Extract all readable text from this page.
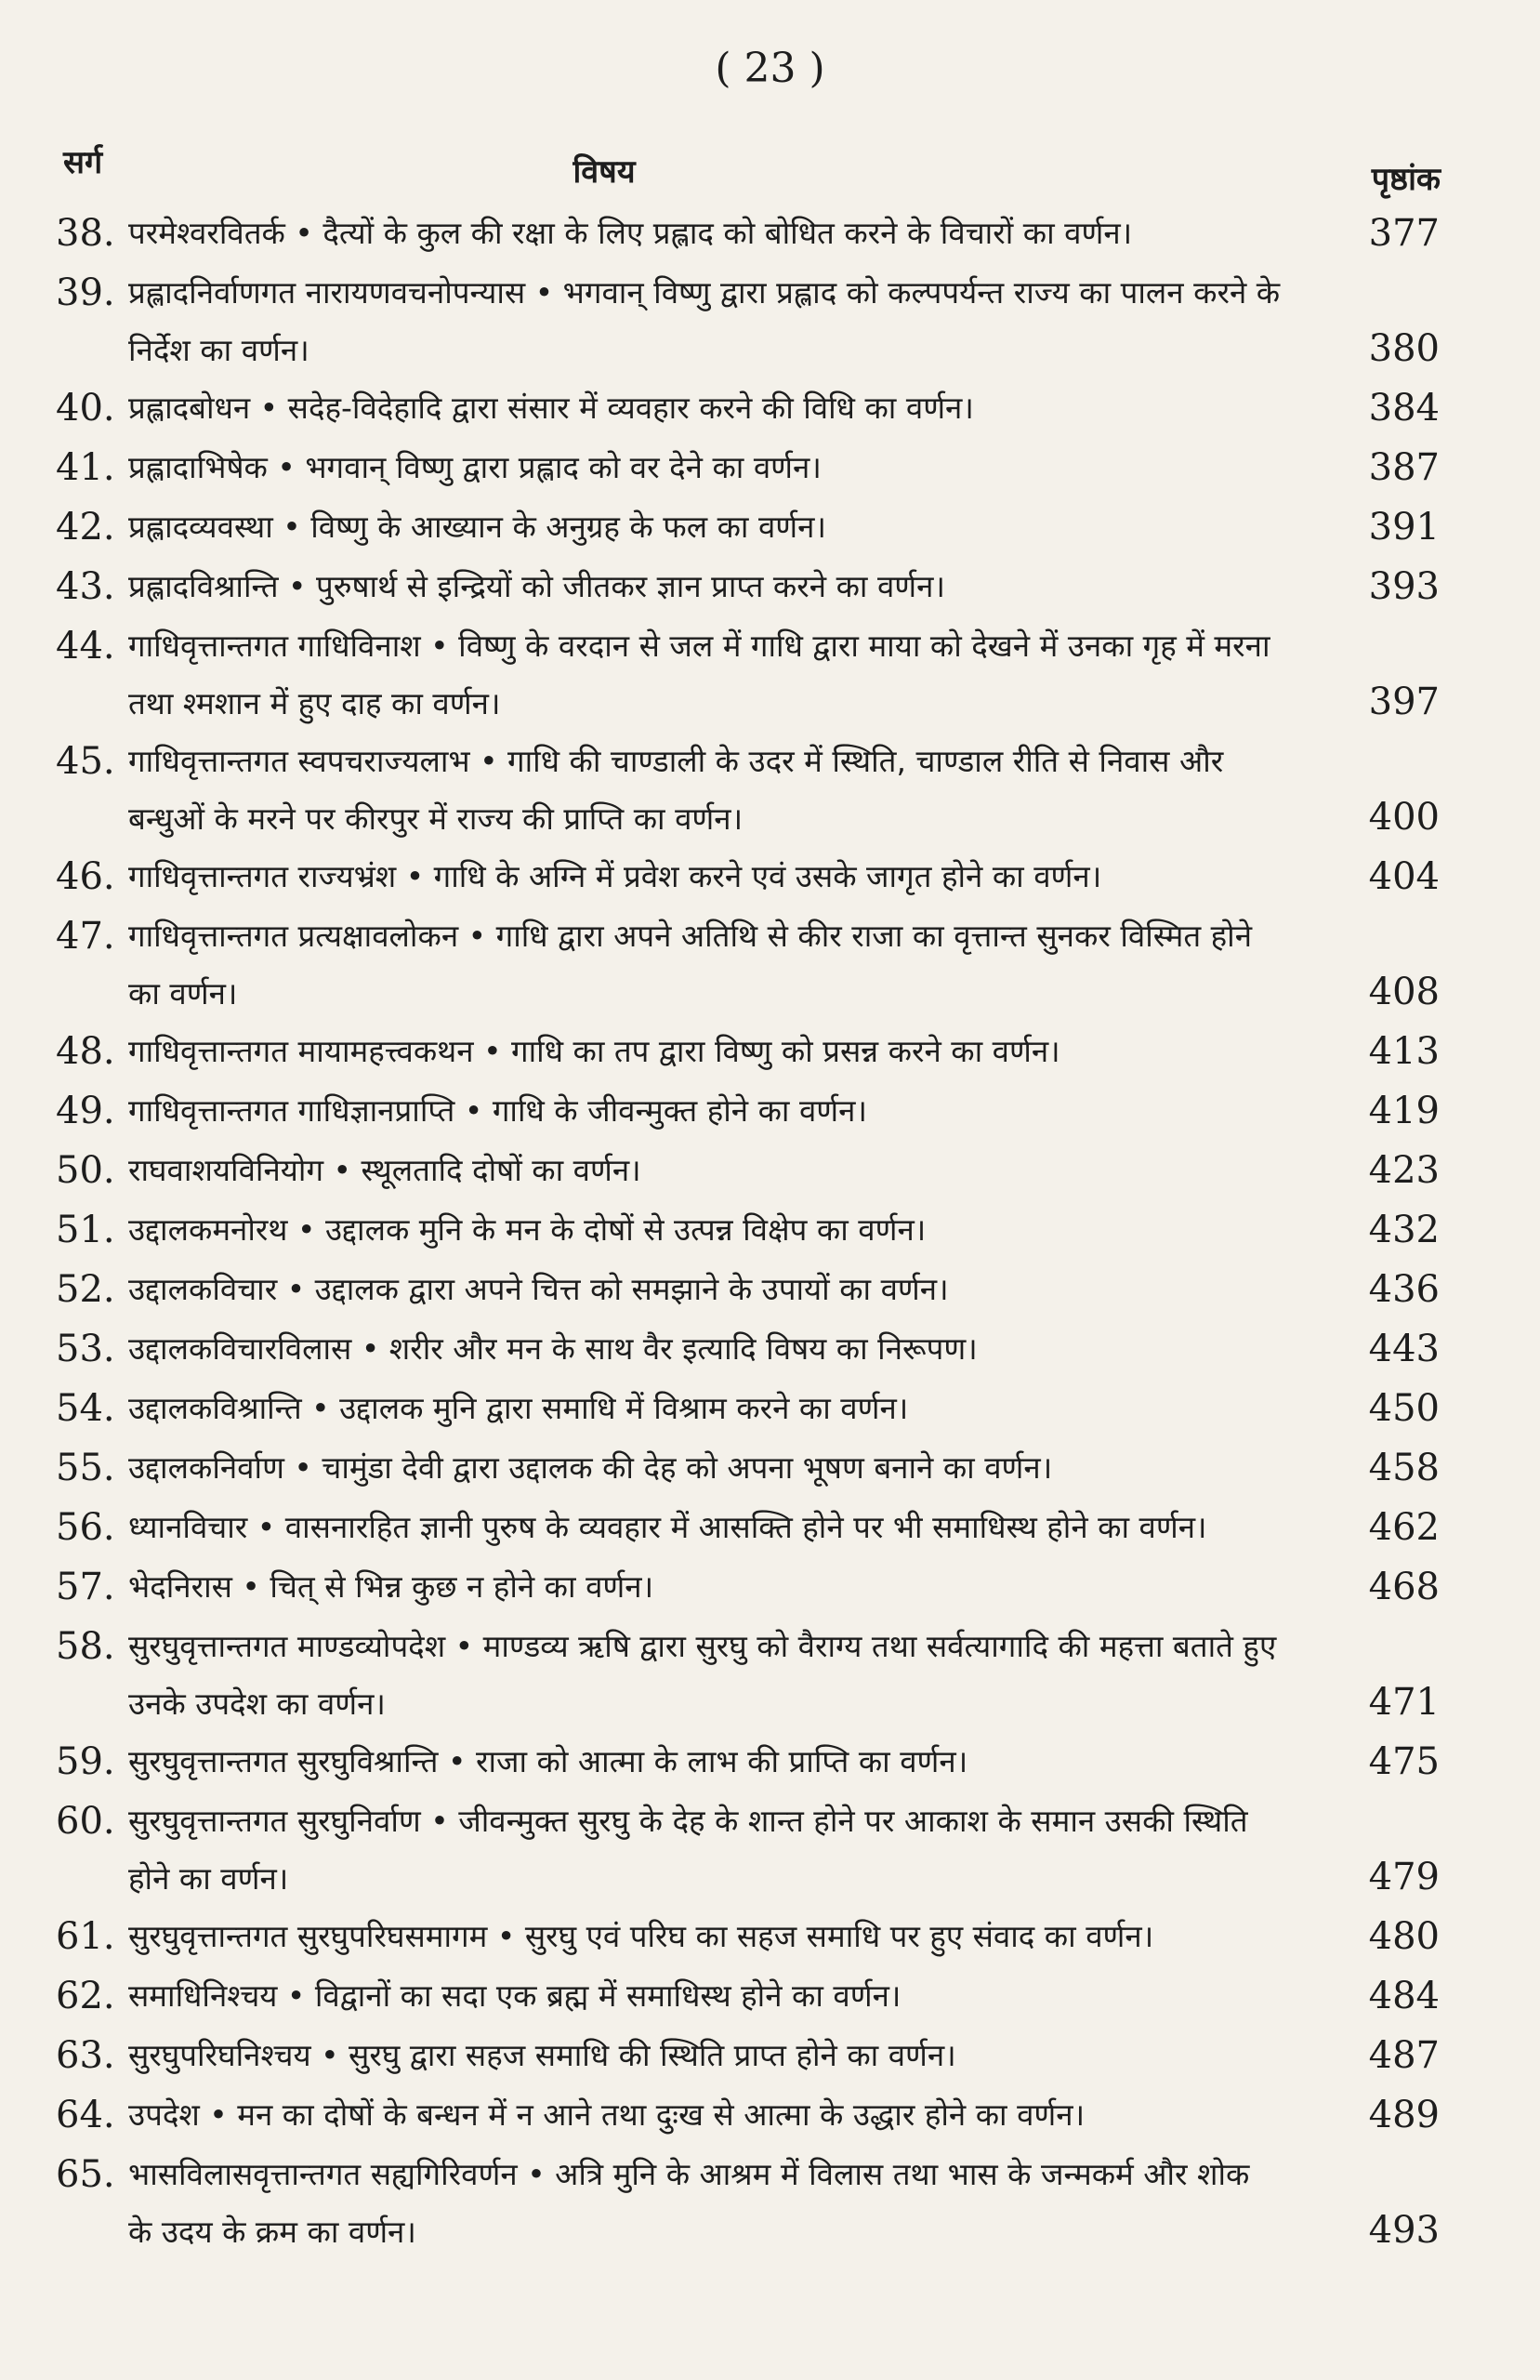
( 23 )
सर्ग	विषय	पृष्ठांक
38. परमेश्वरवितर्क • दैत्यों के कुल की रक्षा के लिए प्रह्लाद को बोधित करने के विचारों का वर्णन।	377
39. प्रह्लादनिर्वाणगत नारायणवचनोपन्यास • भगवान् विष्णु द्वारा प्रह्लाद को कल्पपर्यन्त राज्य का पालन करने के निर्देश का वर्णन।	380
40. प्रह्लादबोधन • सदेह-विदेहादि द्वारा संसार में व्यवहार करने की विधि का वर्णन।	384
41. प्रह्लादाभिषेक • भगवान् विष्णु द्वारा प्रह्लाद को वर देने का वर्णन।	387
42. प्रह्लादव्यवस्था • विष्णु के आख्यान के अनुग्रह के फल का वर्णन।	391
43. प्रह्लादविश्रान्ति • पुरुषार्थ से इन्द्रियों को जीतकर ज्ञान प्राप्त करने का वर्णन।	393
44. गाधिवृत्तान्तगत गाधिविनाश • विष्णु के वरदान से जल में गाधि द्वारा माया को देखने में उनका गृह में मरना तथा श्मशान में हुए दाह का वर्णन।	397
45. गाधिवृत्तान्तगत स्वपचराज्यलाभ • गाधि की चाण्डाली के उदर में स्थिति, चाण्डाल रीति से निवास और बन्धुओं के मरने पर कीरपुर में राज्य की प्राप्ति का वर्णन।	400
46. गाधिवृत्तान्तगत राज्यभ्रंश • गाधि के अग्नि में प्रवेश करने एवं उसके जागृत होने का वर्णन।	404
47. गाधिवृत्तान्तगत प्रत्यक्षावलोकन • गाधि द्वारा अपने अतिथि से कीर राजा का वृत्तान्त सुनकर विस्मित होने का वर्णन।	408
48. गाधिवृत्तान्तगत मायामहत्त्वकथन • गाधि का तप द्वारा विष्णु को प्रसन्न करने का वर्णन।	413
49. गाधिवृत्तान्तगत गाधिज्ञानप्राप्ति • गाधि के जीवन्मुक्त होने का वर्णन।	419
50. राघवाशयविनियोग • स्थूलतादि दोषों का वर्णन।	423
51. उद्दालकमनोरथ • उद्दालक मुनि के मन के दोषों से उत्पन्न विक्षेप का वर्णन।	432
52. उद्दालकविचार • उद्दालक द्वारा अपने चित्त को समझाने के उपायों का वर्णन।	436
53. उद्दालकविचारविलास • शरीर और मन के साथ वैर इत्यादि विषय का निरूपण।	443
54. उद्दालकविश्रान्ति • उद्दालक मुनि द्वारा समाधि में विश्राम करने का वर्णन।	450
55. उद्दालकनिर्वाण • चामुंडा देवी द्वारा उद्दालक की देह को अपना भूषण बनाने का वर्णन।	458
56. ध्यानविचार • वासनारहित ज्ञानी पुरुष के व्यवहार में आसक्ति होने पर भी समाधिस्थ होने का वर्णन।	462
57. भेदनिरास • चित् से भिन्न कुछ न होने का वर्णन।	468
58. सुरघुवृत्तान्तगत माण्डव्योपदेश • माण्डव्य ऋषि द्वारा सुरघु को वैराग्य तथा सर्वत्यागादि की महत्ता बताते हुए उनके उपदेश का वर्णन।	471
59. सुरघुवृत्तान्तगत सुरघुविश्रान्ति • राजा को आत्मा के लाभ की प्राप्ति का वर्णन।	475
60. सुरघुवृत्तान्तगत सुरघुनिर्वाण • जीवन्मुक्त सुरघु के देह के शान्त होने पर आकाश के समान उसकी स्थिति होने का वर्णन।	479
61. सुरघुवृत्तान्तगत सुरघुपरिघसमागम • सुरघु एवं परिघ का सहज समाधि पर हुए संवाद का वर्णन।	480
62. समाधिनिश्चय • विद्वानों का सदा एक ब्रह्म में समाधिस्थ होने का वर्णन।	484
63. सुरघुपरिघनिश्चय • सुरघु द्वारा सहज समाधि की स्थिति प्राप्त होने का वर्णन।	487
64. उपदेश • मन का दोषों के बन्धन में न आने तथा दुःख से आत्मा के उद्धार होने का वर्णन।	489
65. भासविलासवृत्तान्तगत सह्यगिरिवर्णन • अत्रि मुनि के आश्रम में विलास तथा भास के जन्मकर्म और शोक के उदय के क्रम का वर्णन।	493
